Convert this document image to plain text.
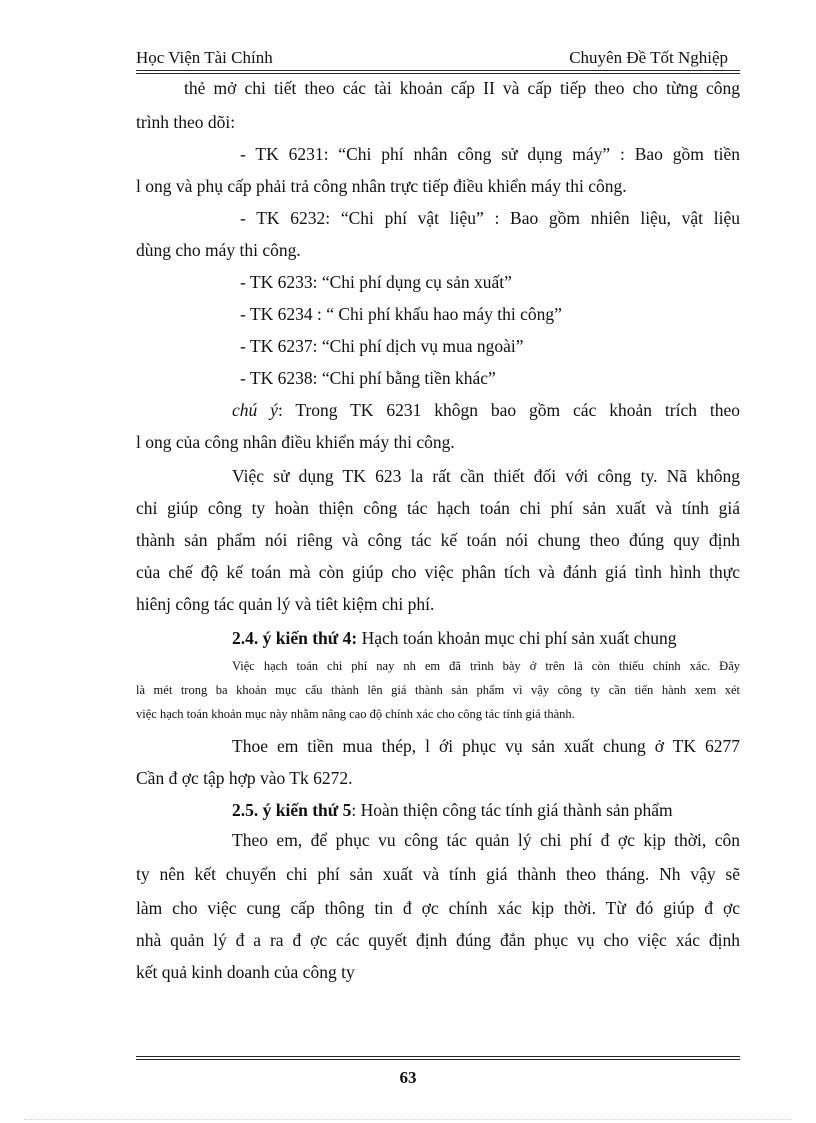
Học Viện Tài Chính	Chuyên Đề Tốt Nghiệp
thẻ mở chi tiết theo các tài khoản cấp II và cấp tiếp theo cho từng công
trình theo dõi:
- TK 6231: “Chi phí nhân công sử dụng máy” : Bao gồm tiền
l ong và phụ cấp phải trả công nhân trực tiếp điều khiển máy thi công.
- TK 6232: “Chi phí vật liệu” : Bao gồm nhiên liệu, vật liệu
dùng cho máy thi công.
- TK 6233: “Chi phí dụng cụ sản xuất”
- TK 6234 : “ Chi phí khấu hao máy thi công”
- TK 6237: “Chi phí dịch vụ mua ngoài”
- TK 6238: “Chi phí bằng tiền khác”
chú ý: Trong TK 6231 khôgn bao gồm các khoản trích theo
l ong của công nhân điều khiển máy thi công.
Việc sử dụng TK 623 la rất cần thiết đối với công ty. Nã không
chỉ giúp công ty hoàn thiện công tác hạch toán chi phí sản xuất và tính giá
thành sản phẩm nói riêng và công tác kế toán nói chung theo đúng quy định
của chế độ kế toán mà còn giúp cho việc phân tích và đánh giá tình hình thực
hiênj công tác quản lý và tiêt kiệm chi phí.
2.4. ý kiến thứ 4: Hạch toán khoản mục chi phí sản xuất chung
Việc hạch toán chi phí nay nh em đã trình bày ở trên là còn thiếu chính xác. Đây
là mét trong ba khoản mục cấu thành lên giá thành sản phẩm vì vậy công ty cần tiến hành xem xét
việc hạch toán khoản mục này nhằm nâng cao độ chính xác cho công tác tính giá thành.
Thoe em tiền mua thép, l ới phục vụ sản xuất chung ở TK 6277
Cần đ ợc tập hợp vào Tk 6272.
2.5. ý kiến thứ 5: Hoàn thiện công tác tính giá thành sản phẩm
Theo em, để phục vu công tác quản lý chi phí đ ợc kịp thời, côn
ty nên kết chuyển chi phí sản xuất và tính giá thành theo tháng. Nh vậy sẽ
làm cho việc cung cấp thông tin đ ợc chính xác kịp thời. Từ đó giúp đ ợc
nhà quản lý đ a ra đ ợc các quyết định đúng đắn phục vụ cho việc xác định
kết quả kinh doanh của công ty
63
